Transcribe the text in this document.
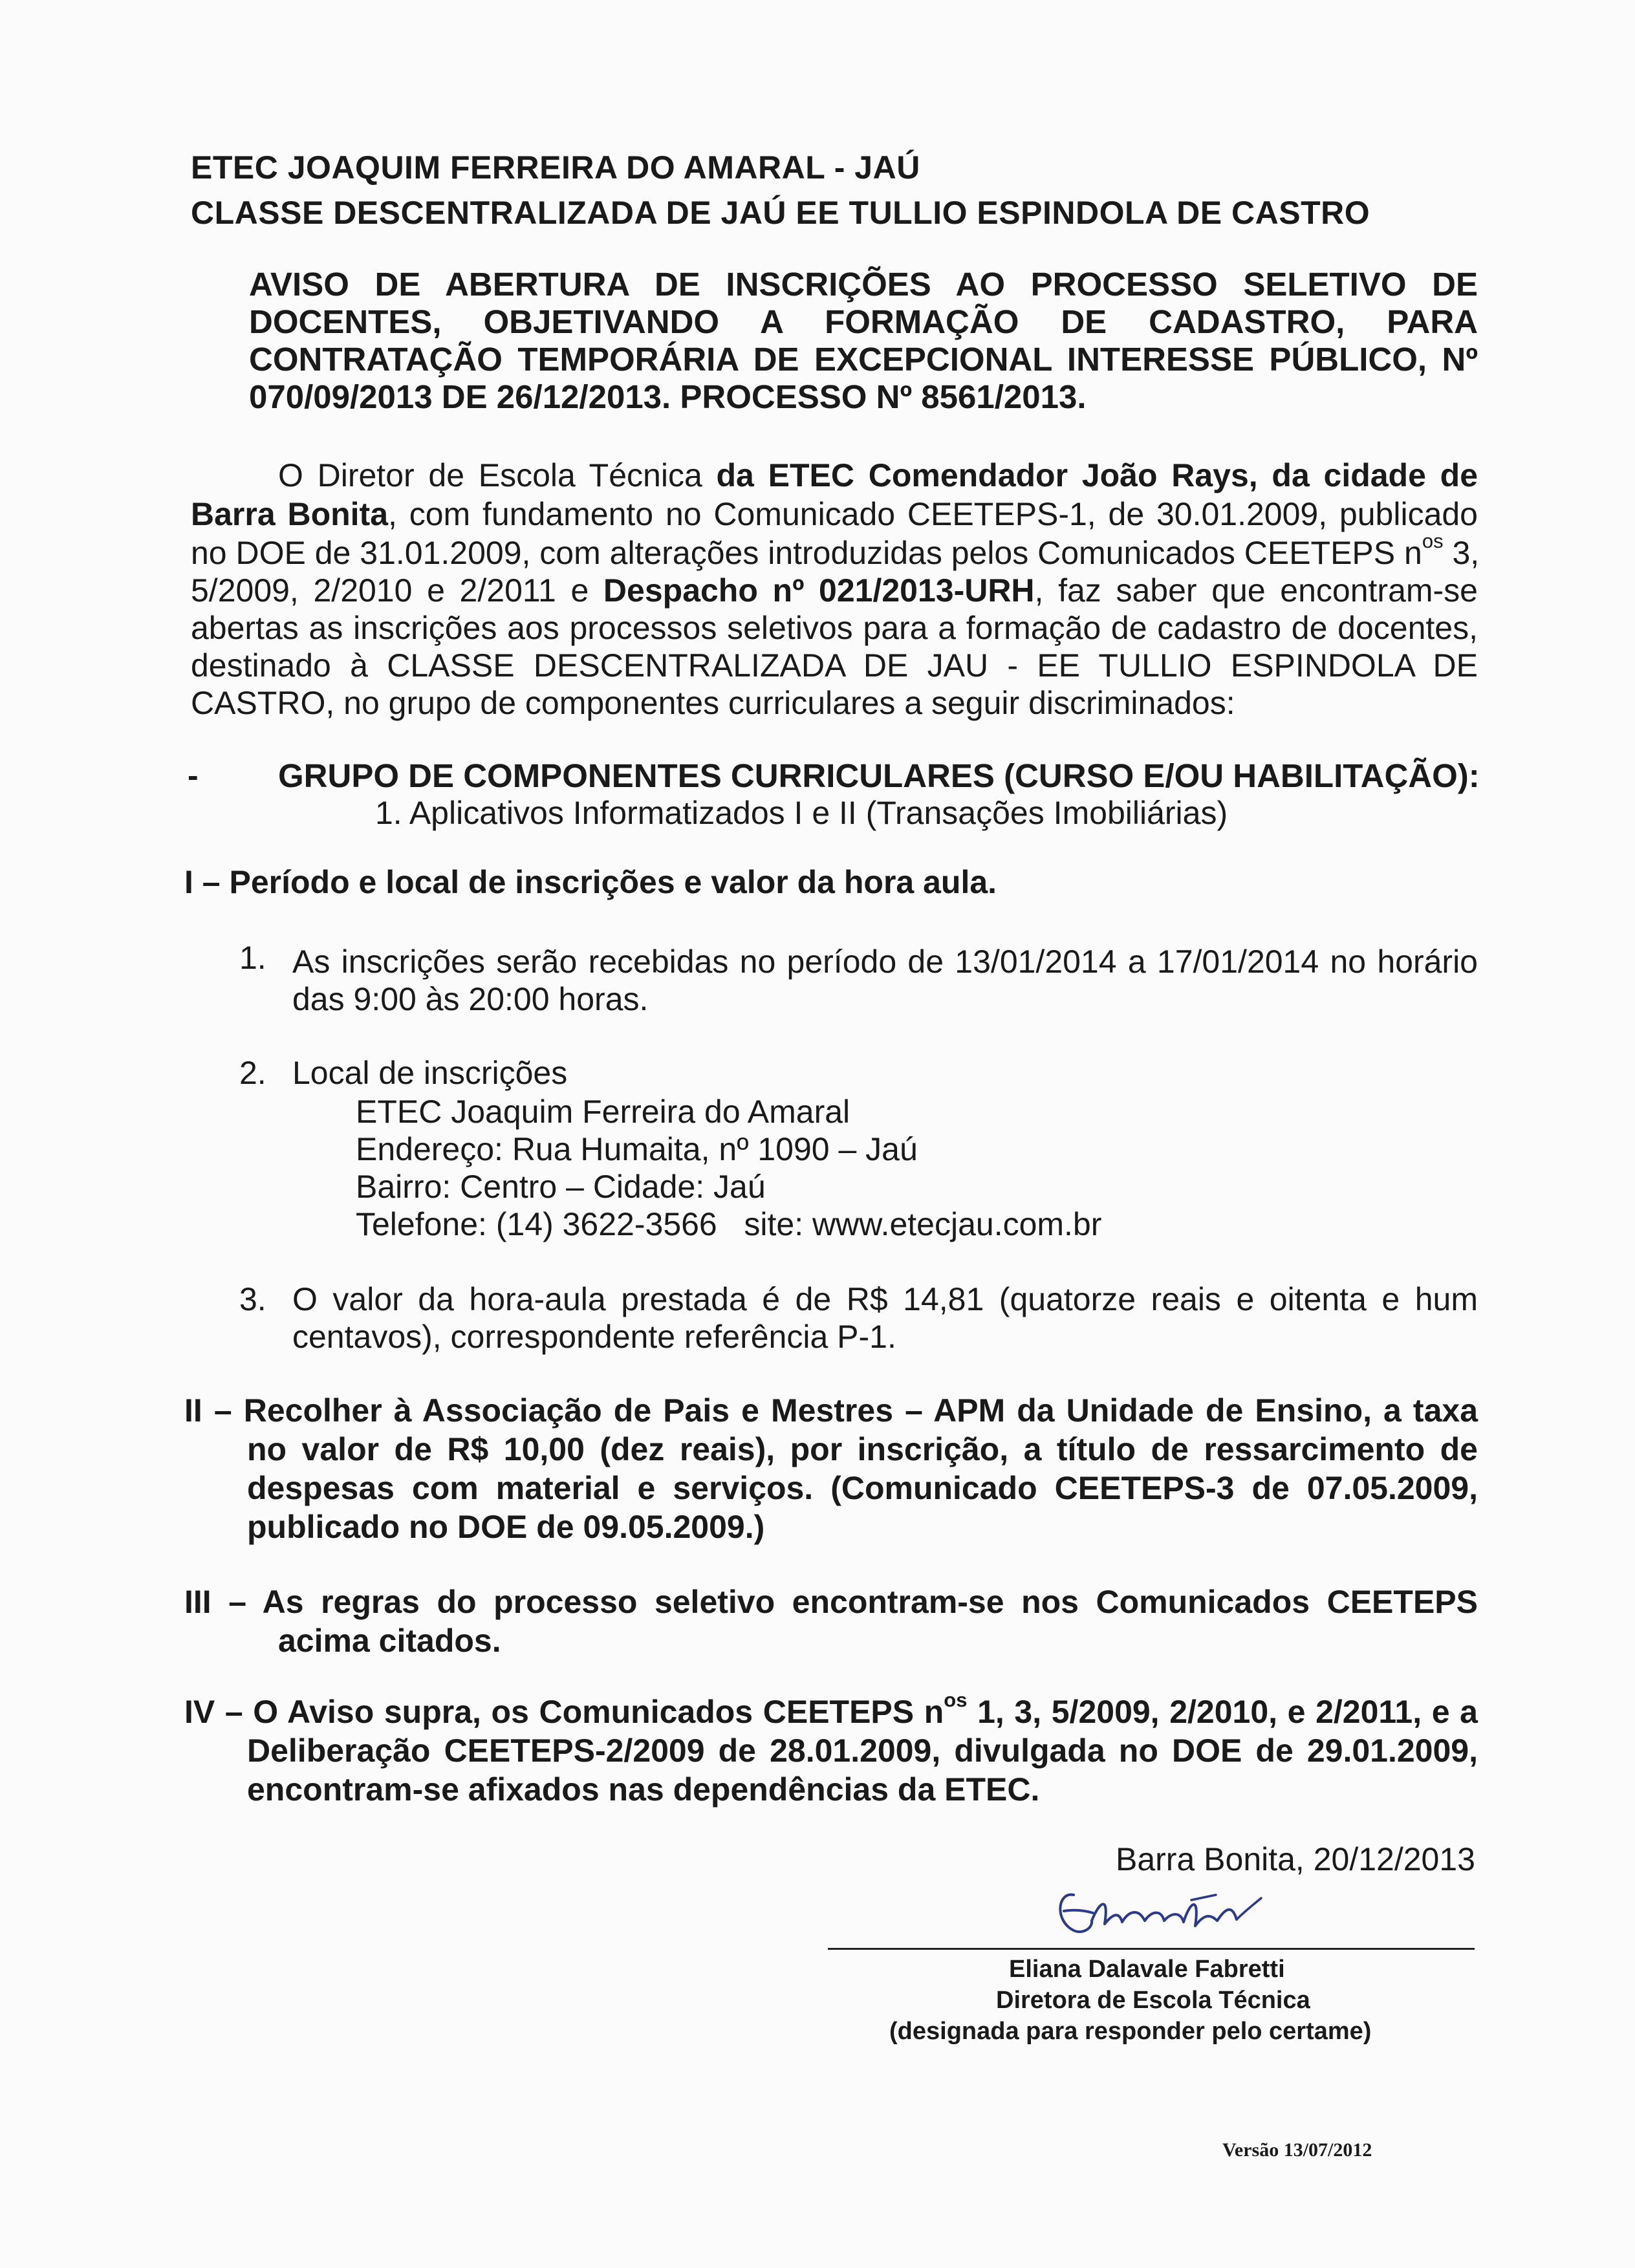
ETEC JOAQUIM FERREIRA DO AMARAL - JAÚ
CLASSE DESCENTRALIZADA DE JAÚ EE TULLIO ESPINDOLA DE CASTRO
AVISO DE ABERTURA DE INSCRIÇÕES AO PROCESSO SELETIVO DE
DOCENTES, OBJETIVANDO A FORMAÇÃO DE CADASTRO, PARA
CONTRATAÇÃO TEMPORÁRIA DE EXCEPCIONAL INTERESSE PÚBLICO, Nº
070/09/2013 DE 26/12/2013. PROCESSO Nº 8561/2013.
O Diretor de Escola Técnica da ETEC Comendador João Rays, da cidade de
Barra Bonita, com fundamento no Comunicado CEETEPS-1, de 30.01.2009, publicado
no DOE de 31.01.2009, com alterações introduzidas pelos Comunicados CEETEPS $n^{os}$ 3,
5/2009, 2/2010 e 2/2011 e Despacho nº 021/2013-URH, faz saber que encontram-se
abertas as inscrições aos processos seletivos para a formação de cadastro de docentes,
destinado à CLASSE DESCENTRALIZADA DE JAU - EE TULLIO ESPINDOLA DE
CASTRO, no grupo de componentes curriculares a seguir discriminados:
- GRUPO DE COMPONENTES CURRICULARES (CURSO E/OU HABILITAÇÃO):
1. Aplicativos Informatizados I e II (Transações Imobiliárias)
I – Período e local de inscrições e valor da hora aula.
1. As inscrições serão recebidas no período de 13/01/2014 a 17/01/2014 no horário
das 9:00 às 20:00 horas.
2. Local de inscrições
ETEC Joaquim Ferreira do Amaral
Endereço: Rua Humaita, nº 1090 – Jaú
Bairro: Centro – Cidade: Jaú
Telefone: (14) 3622-3566   site: www.etecjau.com.br
3. O valor da hora-aula prestada é de R$ 14,81 (quatorze reais e oitenta e hum
centavos), correspondente referência P-1.
II – Recolher à Associação de Pais e Mestres – APM da Unidade de Ensino, a taxa
no valor de R$ 10,00 (dez reais), por inscrição, a título de ressarcimento de
despesas com material e serviços. (Comunicado CEETEPS-3 de 07.05.2009,
publicado no DOE de 09.05.2009.)
III – As regras do processo seletivo encontram-se nos Comunicados CEETEPS
acima citados.
IV – O Aviso supra, os Comunicados CEETEPS $n^{os}$ 1, 3, 5/2009, 2/2010, e 2/2011, e a
Deliberação CEETEPS-2/2009 de 28.01.2009, divulgada no DOE de 29.01.2009,
encontram-se afixados nas dependências da ETEC.
Barra Bonita, 20/12/2013
Eliana Dalavale Fabretti
Diretora de Escola Técnica
(designada para responder pelo certame)
Versão 13/07/2012
